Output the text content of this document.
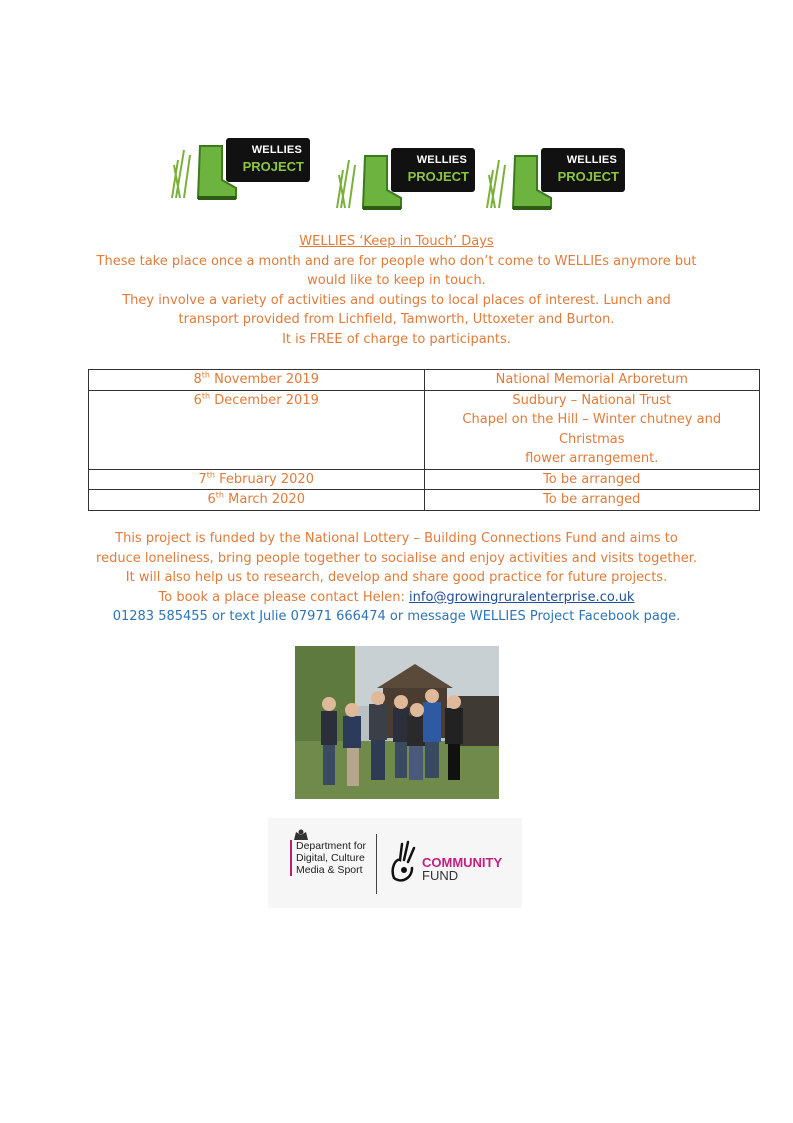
WELLIES
PROJECT	WELLIES
PROJECT
WELLIES
PROJECT
WELLIES ‘Keep in Touch’ Days
These take place once a month and are for people who don’t come to WELLIEs anymore but
would like to keep in touch.
They involve a variety of activities and outings to local places of interest. Lunch and
transport provided from Lichfield, Tamworth, Uttoxeter and Burton.
It is FREE of charge to participants.
8th November 2019	National Memorial Arboretum

6th December 2019	Sudbury – National Trust
Chapel on the Hill – Winter chutney and Christmas
flower arrangement.

7th February 2020	To be arranged

6th March 2020	To be arranged
This project is funded by the National Lottery – Building Connections Fund and aims to
reduce loneliness, bring people together to socialise and enjoy activities and visits together.
It will also help us to research, develop and share good practice for future projects.
To book a place please contact Helen: info@growingruralenterprise.co.uk
01283 585455 or text Julie 07971 666474 or message WELLIES Project Facebook page.
Department for
Digital, Culture
Media & Sport	COMMUNITY
FUND
